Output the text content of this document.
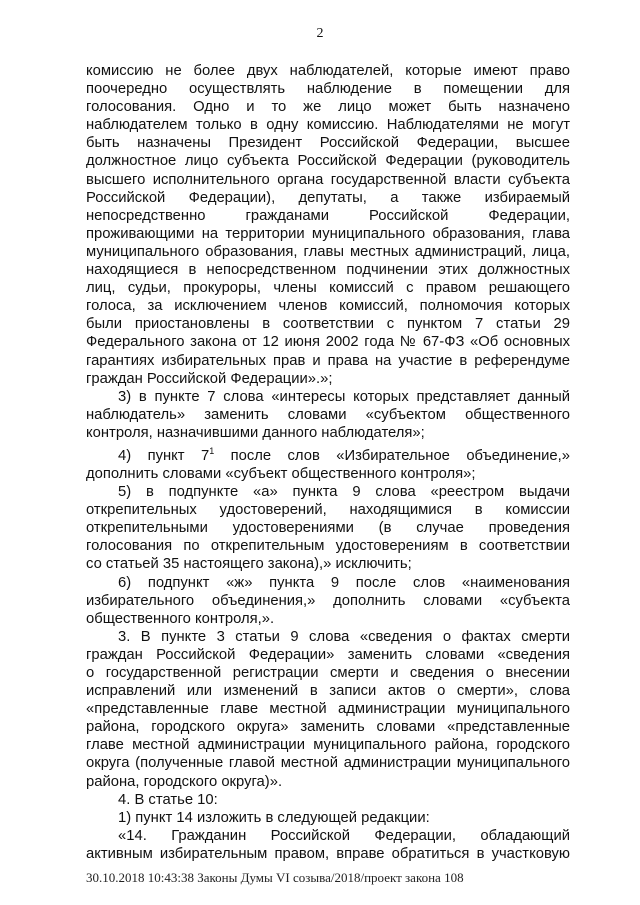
2
комиссию не более двух наблюдателей, которые имеют право
поочередно осуществлять наблюдение в помещении для
голосования. Одно и то же лицо может быть назначено
наблюдателем только в одну комиссию. Наблюдателями не могут
быть назначены Президент Российской Федерации, высшее
должностное лицо субъекта Российской Федерации (руководитель
высшего исполнительного органа государственной власти субъекта
Российской Федерации), депутаты, а также избираемый
непосредственно гражданами Российской Федерации,
проживающими на территории муниципального образования, глава
муниципального образования, главы местных администраций, лица,
находящиеся в непосредственном подчинении этих должностных
лиц, судьи, прокуроры, члены комиссий с правом решающего
голоса, за исключением членов комиссий, полномочия которых
были приостановлены в соответствии с пунктом 7 статьи 29
Федерального закона от 12 июня 2002 года № 67-ФЗ «Об основных
гарантиях избирательных прав и права на участие в референдуме
граждан Российской Федерации».»;
3) в пункте 7 слова «интересы которых представляет данный
наблюдатель» заменить словами «субъектом общественного
контроля, назначившими данного наблюдателя»;
4) пункт $7^1$ после слов «Избирательное объединение,»
дополнить словами «субъект общественного контроля»;
5) в подпункте «а» пункта 9 слова «реестром выдачи
открепительных удостоверений, находящимися в комиссии
открепительными удостоверениями (в случае проведения
голосования по открепительным удостоверениям в соответствии
со статьей 35 настоящего закона),» исключить;
6) подпункт «ж» пункта 9 после слов «наименования
избирательного объединения,» дополнить словами «субъекта
общественного контроля,».
3. В пункте 3 статьи 9 слова «сведения о фактах смерти
граждан Российской Федерации» заменить словами «сведения
о государственной регистрации смерти и сведения о внесении
исправлений или изменений в записи актов о смерти», слова
«представленные главе местной администрации муниципального
района, городского округа» заменить словами «представленные
главе местной администрации муниципального района, городского
округа (полученные главой местной администрации муниципального
района, городского округа)».
4. В статье 10:
1) пункт 14 изложить в следующей редакции:
«14. Гражданин Российской Федерации, обладающий
активным избирательным правом, вправе обратиться в участковую
30.10.2018 10:43:38 Законы Думы VI созыва/2018/проект закона 108
